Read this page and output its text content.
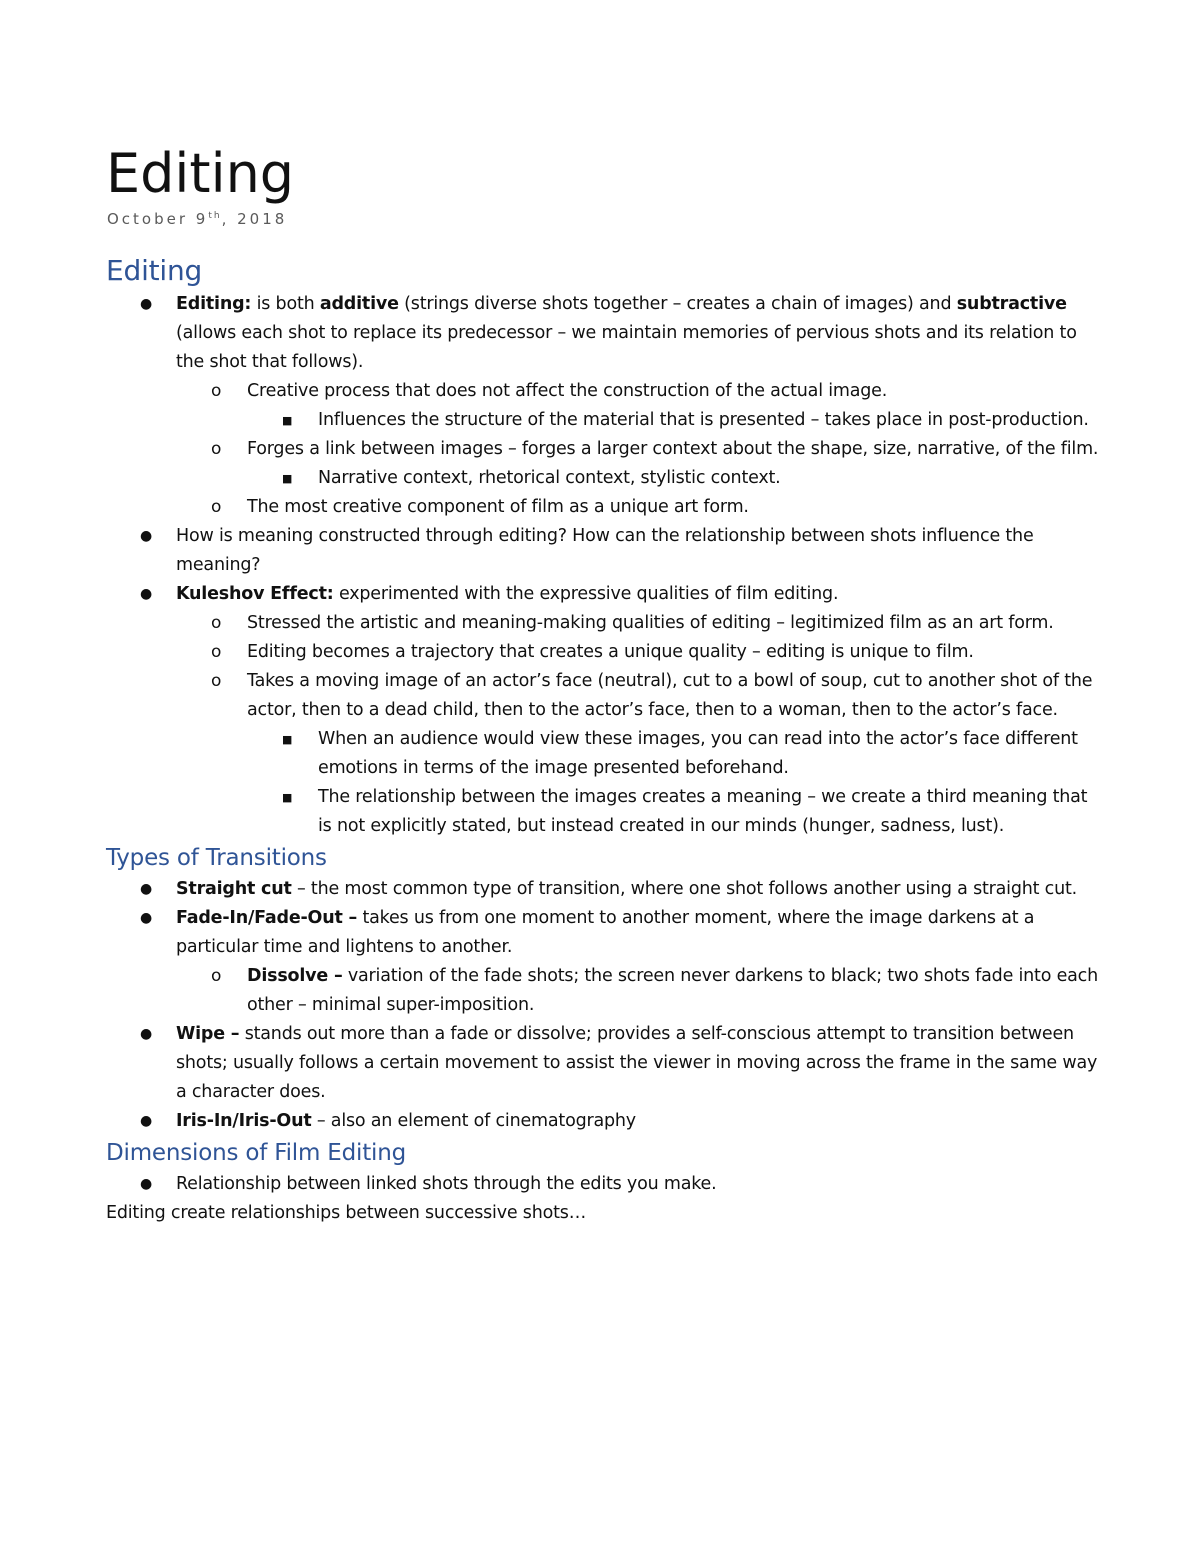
Editing

October 9th, 2018

Editing
● Editing: is both additive (strings diverse shots together – creates a chain of images) and subtractive (allows each shot to replace its predecessor – we maintain memories of pervious shots and its relation to the shot that follows).
o Creative process that does not affect the construction of the actual image.
■ Influences the structure of the material that is presented – takes place in post-production.
o Forges a link between images – forges a larger context about the shape, size, narrative, of the film.
■ Narrative context, rhetorical context, stylistic context.
o The most creative component of film as a unique art form.
● How is meaning constructed through editing? How can the relationship between shots influence the meaning?
● Kuleshov Effect: experimented with the expressive qualities of film editing.
o Stressed the artistic and meaning-making qualities of editing – legitimized film as an art form.
o Editing becomes a trajectory that creates a unique quality – editing is unique to film.
o Takes a moving image of an actor’s face (neutral), cut to a bowl of soup, cut to another shot of the actor, then to a dead child, then to the actor’s face, then to a woman, then to the actor’s face.
■ When an audience would view these images, you can read into the actor’s face different emotions in terms of the image presented beforehand.
■ The relationship between the images creates a meaning – we create a third meaning that is not explicitly stated, but instead created in our minds (hunger, sadness, lust).
Types of Transitions
● Straight cut – the most common type of transition, where one shot follows another using a straight cut.
● Fade-In/Fade-Out – takes us from one moment to another moment, where the image darkens at a particular time and lightens to another.
o Dissolve – variation of the fade shots; the screen never darkens to black; two shots fade into each other – minimal super-imposition.
● Wipe – stands out more than a fade or dissolve; provides a self-conscious attempt to transition between shots; usually follows a certain movement to assist the viewer in moving across the frame in the same way a character does.
● Iris-In/Iris-Out – also an element of cinematography
Dimensions of Film Editing
● Relationship between linked shots through the edits you make.

Editing create relationships between successive shots…
